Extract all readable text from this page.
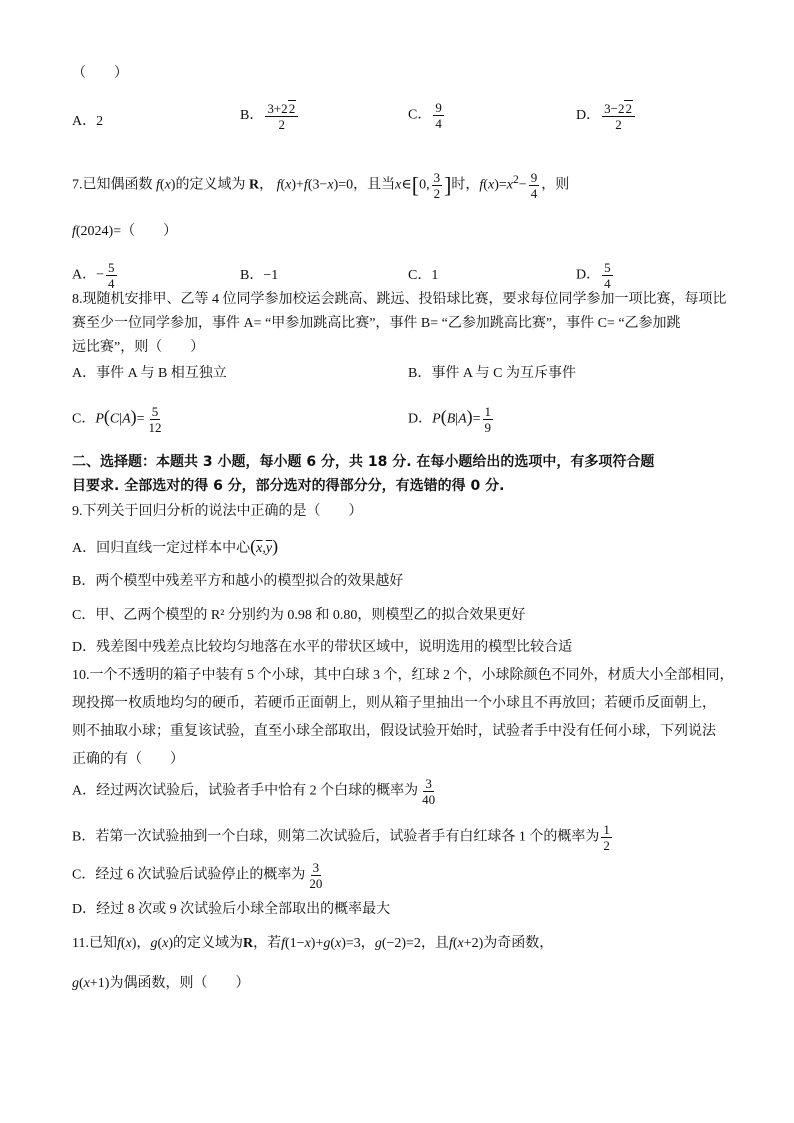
（　　）
A．2	B． $\frac{3+22}{2}$	C． $\frac{9}{4}$	D． $\frac{3-22}{2}$
7.已知偶函数 f(x)的定义域为 R， f(x)+f(3−x)=0，且当x∈[0, $\frac{3}{2}$ ]时，$f(x)=x^2- \frac{9}{4}$ ，则
f(2024)=（　　）
A．− $\frac{5}{4}$	B．−1	C．1	D． $\frac{5}{4}$
8.现随机安排甲、乙等 4 位同学参加校运会跳高、跳远、投铅球比赛，要求每位同学参加一项比赛，每项比
赛至少一位同学参加，事件 A= “甲参加跳高比赛”，事件 B= “乙参加跳高比赛”，事件 C= “乙参加跳
远比赛”，则（　　）
A．事件 A 与 B 相互独立	B．事件 A 与 C 为互斥事件
C．$P(C|A)= \frac{5}{12}$	D．$P(B|A)= \frac{1}{9}$
二、选择题：本题共 3 小题，每小题 6 分，共 18 分. 在每小题给出的选项中，有多项符合题
目要求. 全部选对的得 6 分，部分选对的得部分分，有选错的得 0 分.
9.下列关于回归分析的说法中正确的是（　　）
A．回归直线一定过样本中心$(\overline{x},\overline{y})$
B．两个模型中残差平方和越小的模型拟合的效果越好
C．甲、乙两个模型的 R² 分别约为 0.98 和 0.80，则模型乙的拟合效果更好
D．残差图中残差点比较均匀地落在水平的带状区域中，说明选用的模型比较合适
10.一个不透明的箱子中装有 5 个小球，其中白球 3 个，红球 2 个，小球除颜色不同外，材质大小全部相同，
现投掷一枚质地均匀的硬币，若硬币正面朝上，则从箱子里抽出一个小球且不再放回；若硬币反面朝上，
则不抽取小球；重复该试验，直至小球全部取出，假设试验开始时，试验者手中没有任何小球，下列说法
正确的有（　　）
A．经过两次试验后，试验者手中恰有 2 个白球的概率为 $\frac{3}{40}$
B．若第一次试验抽到一个白球，则第二次试验后，试验者手有白红球各 1 个的概率为 $\frac{1}{2}$
C．经过 6 次试验后试验停止的概率为 $\frac{3}{20}$
D．经过 8 次或 9 次试验后小球全部取出的概率最大
11.已知f(x)，g(x)的定义域为R，若f(1−x)+g(x)=3，g(−2)=2，且f(x+2)为奇函数，
g(x+1)为偶函数，则（　　）
